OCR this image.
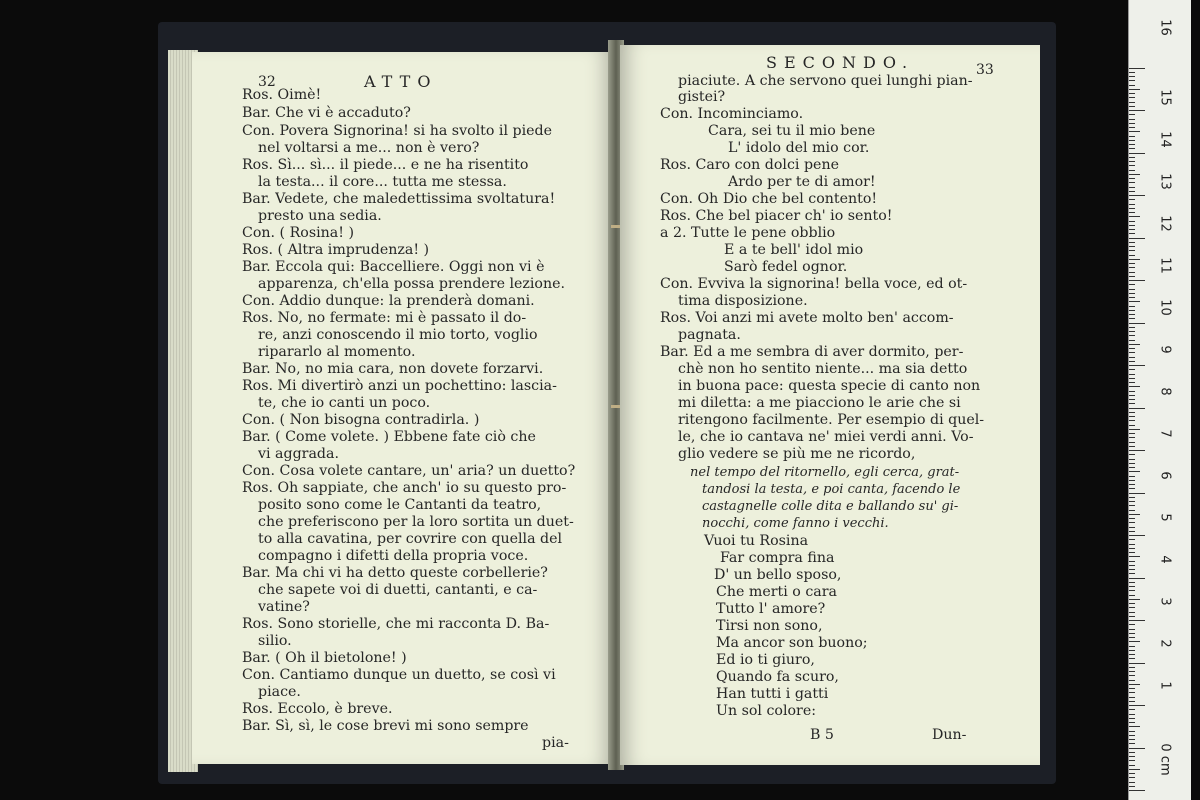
32	ATTO
Ros. Oimè!
Bar. Che vi è accaduto?
Con. Povera Signorina! si ha svolto il piede
nel voltarsi a me... non è vero?
Ros. Sì... sì... il piede... e ne ha risentito
la testa... il core... tutta me stessa.
Bar. Vedete, che maledettissima svoltatura!
presto una sedia.
Con. ( Rosina! )
Ros. ( Altra imprudenza! )
Bar. Eccola qui: Baccelliere. Oggi non vi è
apparenza, ch'ella possa prendere lezione.
Con. Addio dunque: la prenderà domani.
Ros. No, no fermate: mi è passato il do-
re, anzi conoscendo il mio torto, voglio
ripararlo al momento.
Bar. No, no mia cara, non dovete forzarvi.
Ros. Mi divertirò anzi un pochettino: lascia-
te, che io canti un poco.
Con. ( Non bisogna contradirla. )
Bar. ( Come volete. ) Ebbene fate ciò che
vi aggrada.
Con. Cosa volete cantare, un' aria? un duetto?
Ros. Oh sappiate, che anch' io su questo pro-
posito sono come le Cantanti da teatro,
che preferiscono per la loro sortita un duet-
to alla cavatina, per covrire con quella del
compagno i difetti della propria voce.
Bar. Ma chi vi ha detto queste corbellerie?
che sapete voi di duetti, cantanti, e ca-
vatine?
Ros. Sono storielle, che mi racconta D. Ba-
silio.
Bar. ( Oh il bietolone! )
Con. Cantiamo dunque un duetto, se così vi
piace.
Ros. Eccolo, è breve.
Bar. Sì, sì, le cose brevi mi sono sempre
pia-
SECONDO.	33
piaciute. A che servono quei lunghi pian-
gistei?
Con. Incominciamo.
Cara, sei tu il mio bene
L' idolo del mio cor.
Ros. Caro con dolci pene
Ardo per te di amor!
Con. Oh Dio che bel contento!
Ros. Che bel piacer ch' io sento!
a 2. Tutte le pene obblio
E a te bell' idol mio
Sarò fedel ognor.
Con. Evviva la signorina! bella voce, ed ot-
tima disposizione.
Ros. Voi anzi mi avete molto ben' accom-
pagnata.
Bar. Ed a me sembra di aver dormito, per-
chè non ho sentito niente... ma sia detto
in buona pace: questa specie di canto non
mi diletta: a me piacciono le arie che si
ritengono facilmente. Per esempio di quel-
le, che io cantava ne' miei verdi anni. Vo-
glio vedere se più me ne ricordo,
nel tempo del ritornello, egli cerca, grat-
tandosi la testa, e poi canta, facendo le
castagnelle colle dita e ballando su' gi-
nocchi, come fanno i vecchi.
Vuoi tu Rosina
Far compra fina
D' un bello sposo,
Che merti o cara
Tutto l' amore?
Tirsi non sono,
Ma ancor son buono;
Ed io ti giuro,
Quando fa scuro,
Han tutti i gatti
Un sol colore:
B 5	Dun-
0 cm
1
2
3
4
5
6
7
8
9
10
11
12
13
14
15
16
